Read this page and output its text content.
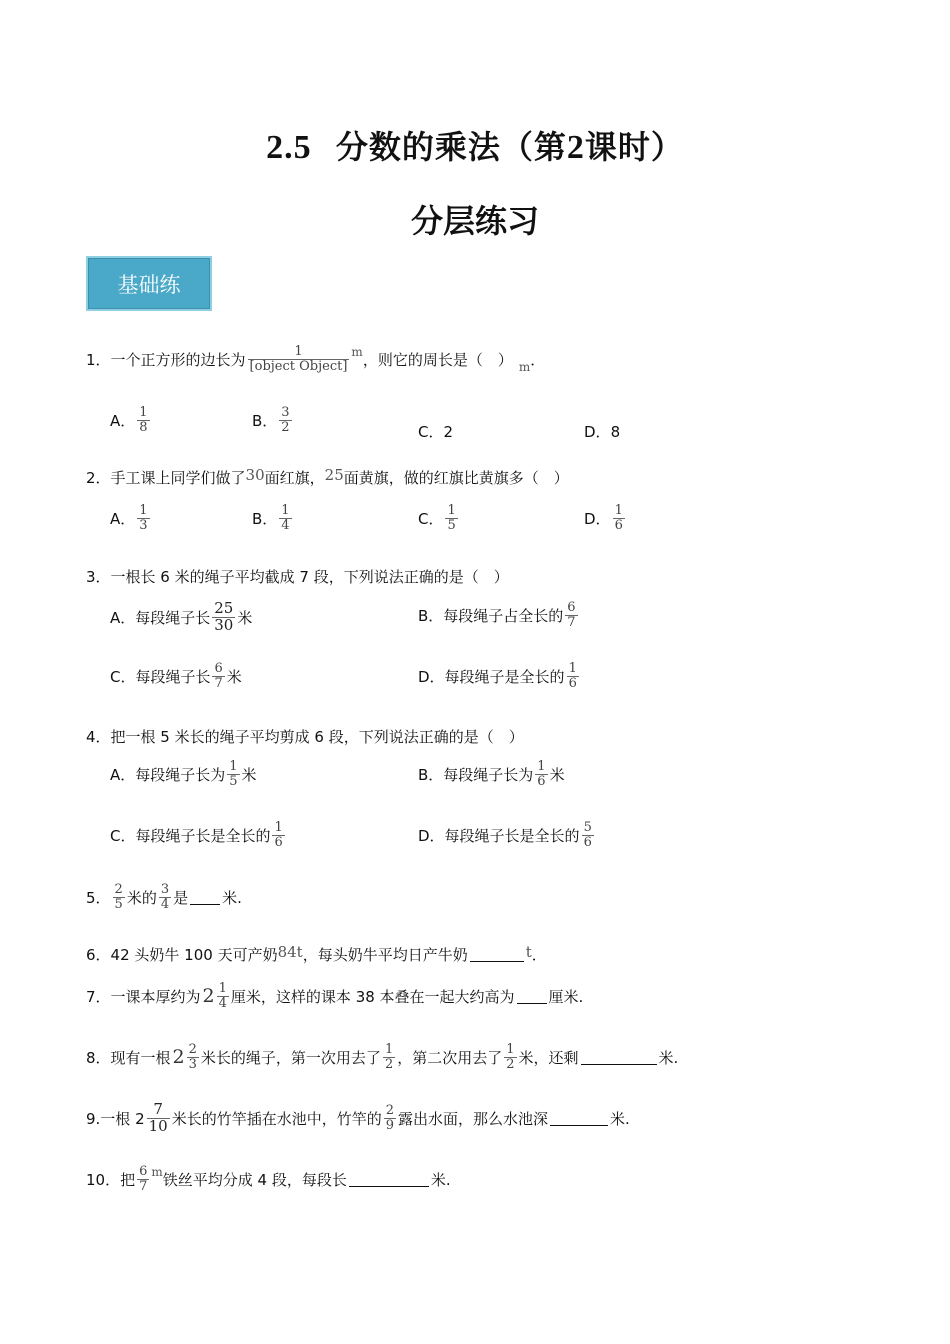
2.5 分数的乘法（第2课时）
分层练习
基础练
1．一个正方形的边长为 $\frac{1}{\text{[object Object]}}$ m ，则它的周长是（　） m ．
A． $\frac{1}{8}$	B． $\frac{3}{2}$	C． 2	D． 8
2．手工课上同学们做了 30 面红旗， 25 面黄旗，做的红旗比黄旗多（　）
A． $\frac{1}{3}$	B． $\frac{1}{4}$	C． $\frac{1}{5}$	D． $\frac{1}{6}$
3．一根长 6 米的绳子平均截成 7 段，下列说法正确的是（　）
A．每段绳子长 $\frac{25}{30}$ 米	B．每段绳子占全长的 $\frac{6}{7}$
C．每段绳子长 $\frac{6}{7}$ 米	D．每段绳子是全长的 $\frac{1}{6}$
4．把一根 5 米长的绳子平均剪成 6 段，下列说法正确的是（　）
A．每段绳子长为 $\frac{1}{5}$ 米	B．每段绳子长为 $\frac{1}{6}$ 米
C．每段绳子长是全长的 $\frac{1}{6}$	D．每段绳子长是全长的 $\frac{5}{6}$
5． $\frac{2}{5}$ 米的 $\frac{3}{4}$ 是 米.
6．42 头奶牛 100 天可产奶 84t ，每头奶牛平均日产牛奶	t ．
7．一课本厚约为 $2 \frac{1}{4}$ 厘米，这样的课本 38 本叠在一起大约高为 厘米.
8．现有一根 $2 \frac{2}{3}$ 米长的绳子，第一次用去了 $\frac{1}{2}$ ，第二次用去了 $\frac{1}{2}$ 米，还剩	米.
9.一根 $2 \frac{7}{10}$ 米长的竹竿插在水池中，竹竿的 $\frac{2}{9}$ 露出水面，那么水池深	米.
10．把 $\frac{6}{7}$ m 铁丝平均分成 4 段，每段长	米.
